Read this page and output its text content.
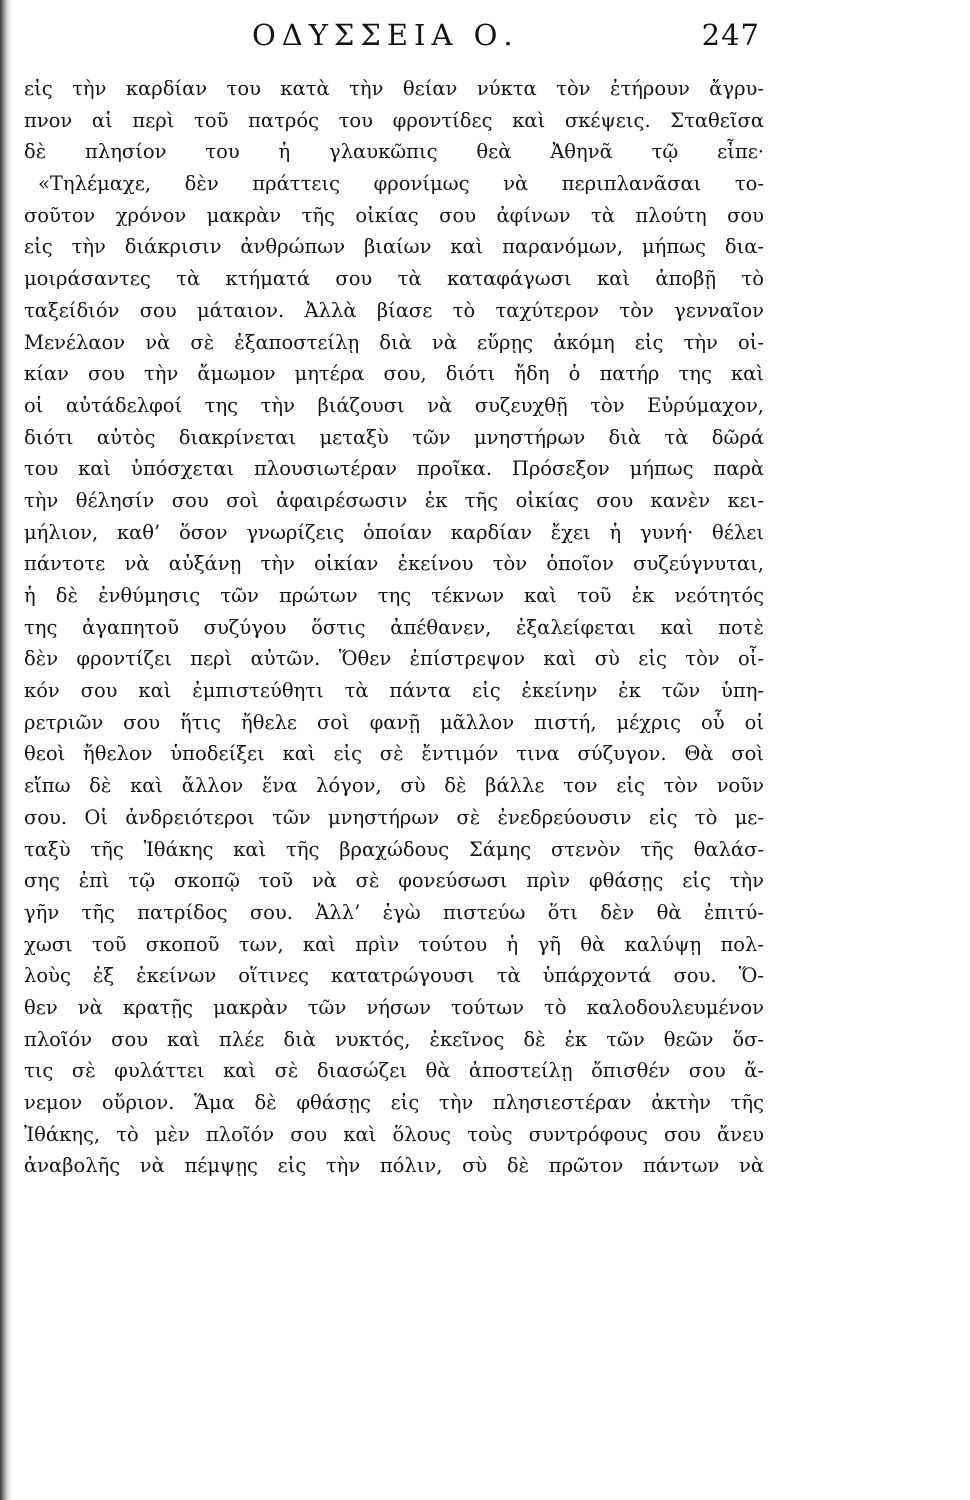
ΟΔΥΣΣΕΙΑ Ο.	247
εἰς τὴν καρδίαν του κατὰ τὴν θείαν νύκτα τὸν ἐτήρουν ἄγρυ-
πνον αἱ περὶ τοῦ πατρός του φροντίδες καὶ σκέψεις. Σταθεῖσα
δὲ πλησίον του ἡ γλαυκῶπις θεὰ Ἀθηνᾶ τῷ εἶπε·
«Τηλέμαχε, δὲν πράττεις φρονίμως νὰ περιπλανᾶσαι το-
σοῦτον χρόνον μακρὰν τῆς οἰκίας σου ἀφίνων τὰ πλούτη σου
εἰς τὴν διάκρισιν ἀνθρώπων βιαίων καὶ παρανόμων, μήπως δια-
μοιράσαντες τὰ κτήματά σου τὰ καταφάγωσι καὶ ἀποβῇ τὸ
ταξείδιόν σου μάταιον. Ἀλλὰ βίασε τὸ ταχύτερον τὸν γενναῖον
Μενέλαον νὰ σὲ ἐξαποστείλῃ διὰ νὰ εὕρῃς ἀκόμη εἰς τὴν οἰ-
κίαν σου τὴν ἄμωμον μητέρα σου, διότι ἤδη ὁ πατήρ της καὶ
οἱ αὐτάδελφοί της τὴν βιάζουσι νὰ συζευχθῇ τὸν Εὐρύμαχον,
διότι αὐτὸς διακρίνεται μεταξὺ τῶν μνηστήρων διὰ τὰ δῶρά
του καὶ ὑπόσχεται πλουσιωτέραν προῖκα. Πρόσεξον μήπως παρὰ
τὴν θέλησίν σου σοὶ ἀφαιρέσωσιν ἐκ τῆς οἰκίας σου κανὲν κει-
μήλιον, καθ’ ὅσον γνωρίζεις ὁποίαν καρδίαν ἔχει ἡ γυνή· θέλει
πάντοτε νὰ αὐξάνῃ τὴν οἰκίαν ἐκείνου τὸν ὁποῖον συζεύγνυται,
ἡ δὲ ἐνθύμησις τῶν πρώτων της τέκνων καὶ τοῦ ἐκ νεότητός
της ἀγαπητοῦ συζύγου ὅστις ἀπέθανεν, ἐξαλείφεται καὶ ποτὲ
δὲν φροντίζει περὶ αὐτῶν. Ὅθεν ἐπίστρεψον καὶ σὺ εἰς τὸν οἶ-
κόν σου καὶ ἐμπιστεύθητι τὰ πάντα εἰς ἐκείνην ἐκ τῶν ὑπη-
ρετριῶν σου ἥτις ἤθελε σοὶ φανῇ μᾶλλον πιστή, μέχρις οὗ οἱ
θεοὶ ἤθελον ὑποδείξει καὶ εἰς σὲ ἔντιμόν τινα σύζυγον. Θὰ σοὶ
εἴπω δὲ καὶ ἄλλον ἕνα λόγον, σὺ δὲ βάλλε τον εἰς τὸν νοῦν
σου. Οἱ ἀνδρειότεροι τῶν μνηστήρων σὲ ἐνεδρεύουσιν εἰς τὸ με-
ταξὺ τῆς Ἰθάκης καὶ τῆς βραχώδους Σάμης στενὸν τῆς θαλάσ-
σης ἐπὶ τῷ σκοπῷ τοῦ νὰ σὲ φονεύσωσι πρὶν φθάσῃς εἰς τὴν
γῆν τῆς πατρίδος σου. Ἀλλ’ ἐγὼ πιστεύω ὅτι δὲν θὰ ἐπιτύ-
χωσι τοῦ σκοποῦ των, καὶ πρὶν τούτου ἡ γῆ θὰ καλύψῃ πολ-
λοὺς ἐξ ἐκείνων οἵτινες κατατρώγουσι τὰ ὑπάρχοντά σου. Ὅ-
θεν νὰ κρατῇς μακρὰν τῶν νήσων τούτων τὸ καλοδουλευμένον
πλοῖόν σου καὶ πλέε διὰ νυκτός, ἐκεῖνος δὲ ἐκ τῶν θεῶν ὅσ-
τις σὲ φυλάττει καὶ σὲ διασώζει θὰ ἀποστείλῃ ὄπισθέν σου ἄ-
νεμον οὔριον. Ἅμα δὲ φθάσῃς εἰς τὴν πλησιεστέραν ἀκτὴν τῆς
Ἰθάκης, τὸ μὲν πλοῖόν σου καὶ ὅλους τοὺς συντρόφους σου ἄνευ
ἀναβολῆς νὰ πέμψῃς εἰς τὴν πόλιν, σὺ δὲ πρῶτον πάντων νὰ
